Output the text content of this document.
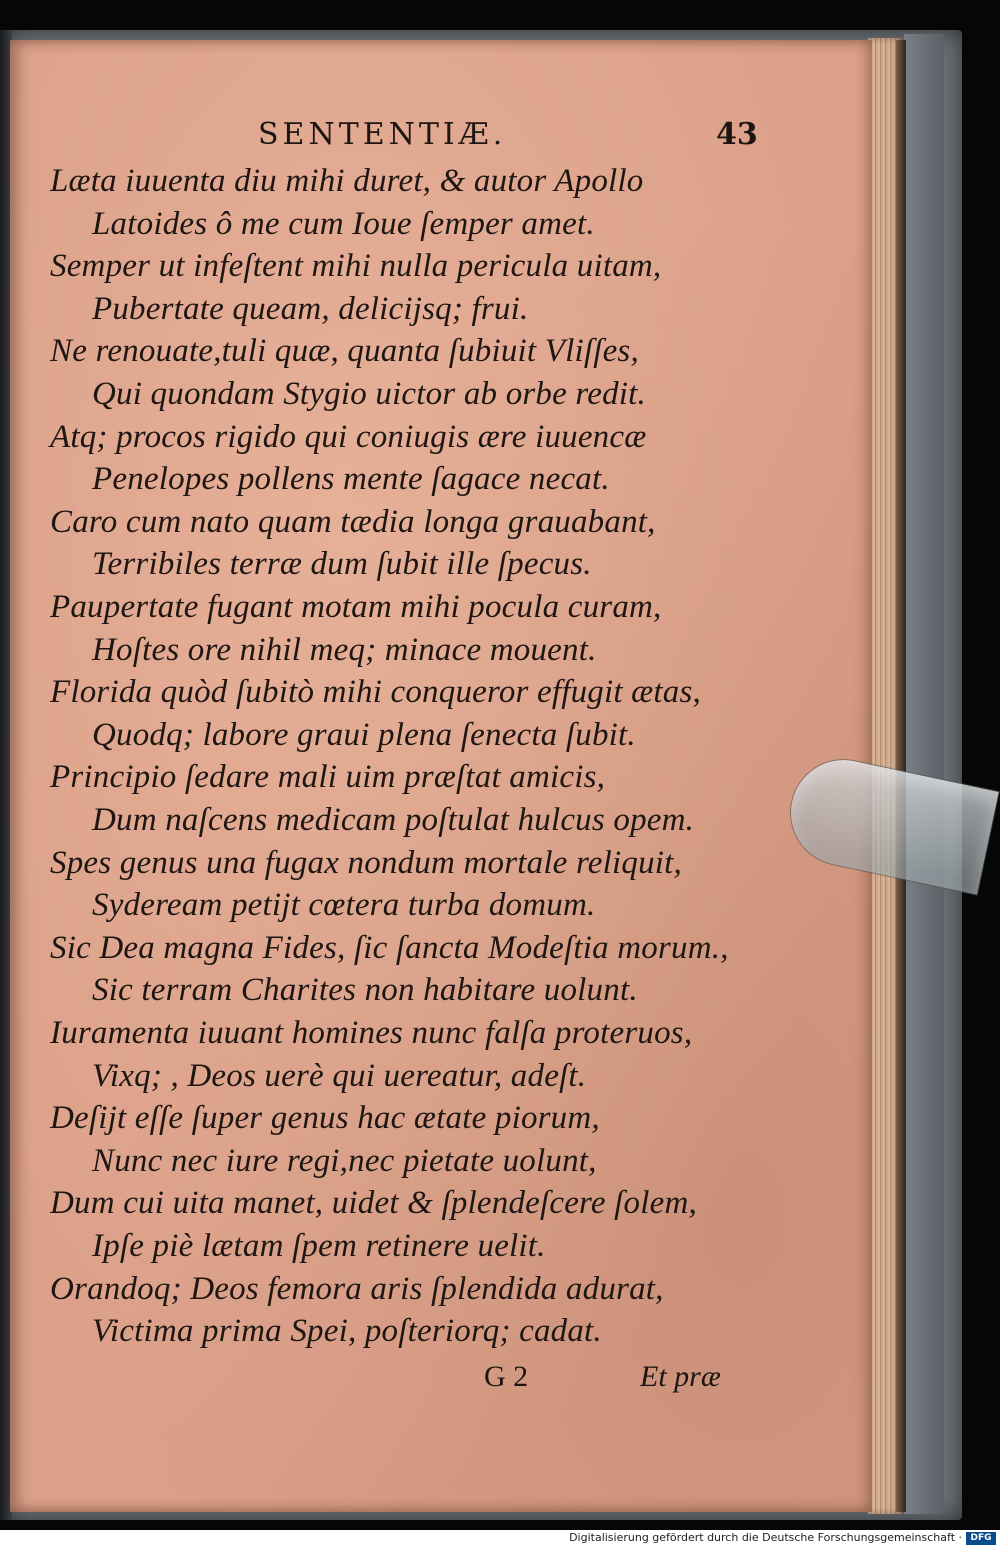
SENTENTIÆ.	43
Læta iuuenta diu mihi duret, & autor Apollo
Latoides ô me cum Ioue ſemper amet.
Semper ut infeſtent mihi nulla pericula uitam,
Pubertate queam, delicijsq; frui.
Ne renouate,tuli quæ, quanta ſubiuit Vliſſes,
Qui quondam Stygio uictor ab orbe redit.
Atq; procos rigido qui coniugis ære iuuencæ
Penelopes pollens mente ſagace necat.
Caro cum nato quam tædia longa grauabant,
Terribiles terræ dum ſubit ille ſpecus.
Paupertate fugant motam mihi pocula curam,
Hoſtes ore nihil meq; minace mouent.
Florida quòd ſubitò mihi conqueror effugit ætas,
Quodq; labore graui plena ſenecta ſubit.
Principio ſedare mali uim præſtat amicis,
Dum naſcens medicam poſtulat hulcus opem.
Spes genus una fugax nondum mortale reliquit,
Sydeream petijt cœtera turba domum.
Sic Dea magna Fides, ſic ſancta Modeſtia morum.,
Sic terram Charites non habitare uolunt.
Iuramenta iuuant homines nunc falſa proteruos,
Vixq; , Deos uerè qui uereatur, adeſt.
Deſijt eſſe ſuper genus hac ætate piorum,
Nunc nec iure regi,nec pietate uolunt,
Dum cui uita manet, uidet & ſplendeſcere ſolem,
Ipſe piè lætam ſpem retinere uelit.
Orandoq; Deos femora aris ſplendida adurat,
Victima prima Spei, poſteriorq; cadat.
G 2	Et præ
Digitalisierung gefördert durch die Deutsche Forschungsgemeinschaft · DFG
